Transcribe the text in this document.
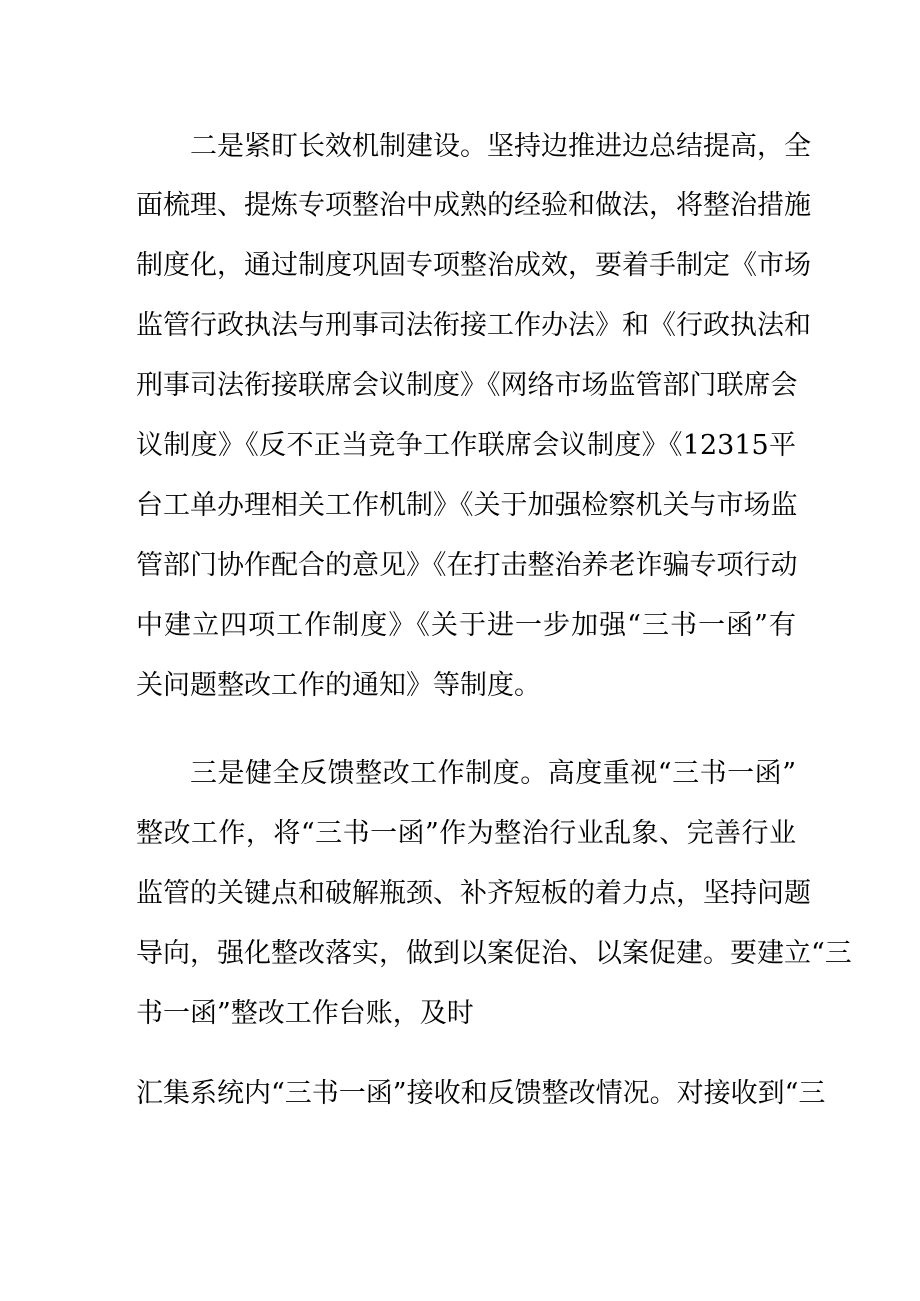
二是紧盯长效机制建设。坚持边推进边总结提高，全
面梳理、提炼专项整治中成熟的经验和做法，将整治措施
制度化，通过制度巩固专项整治成效，要着手制定《市场
监管行政执法与刑事司法衔接工作办法》和《行政执法和
刑事司法衔接联席会议制度》《网络市场监管部门联席会
议制度》《反不正当竞争工作联席会议制度》《12315平
台工单办理相关工作机制》《关于加强检察机关与市场监
管部门协作配合的意见》《在打击整治养老诈骗专项行动
中建立四项工作制度》《关于进一步加强“三书一函”有
关问题整改工作的通知》等制度。
三是健全反馈整改工作制度。高度重视“三书一函”
整改工作，将“三书一函”作为整治行业乱象、完善行业
监管的关键点和破解瓶颈、补齐短板的着力点，坚持问题
导向，强化整改落实，做到以案促治、以案促建。要建立“三
书一函”整改工作台账，及时
汇集系统内“三书一函”接收和反馈整改情况。对接收到“三
